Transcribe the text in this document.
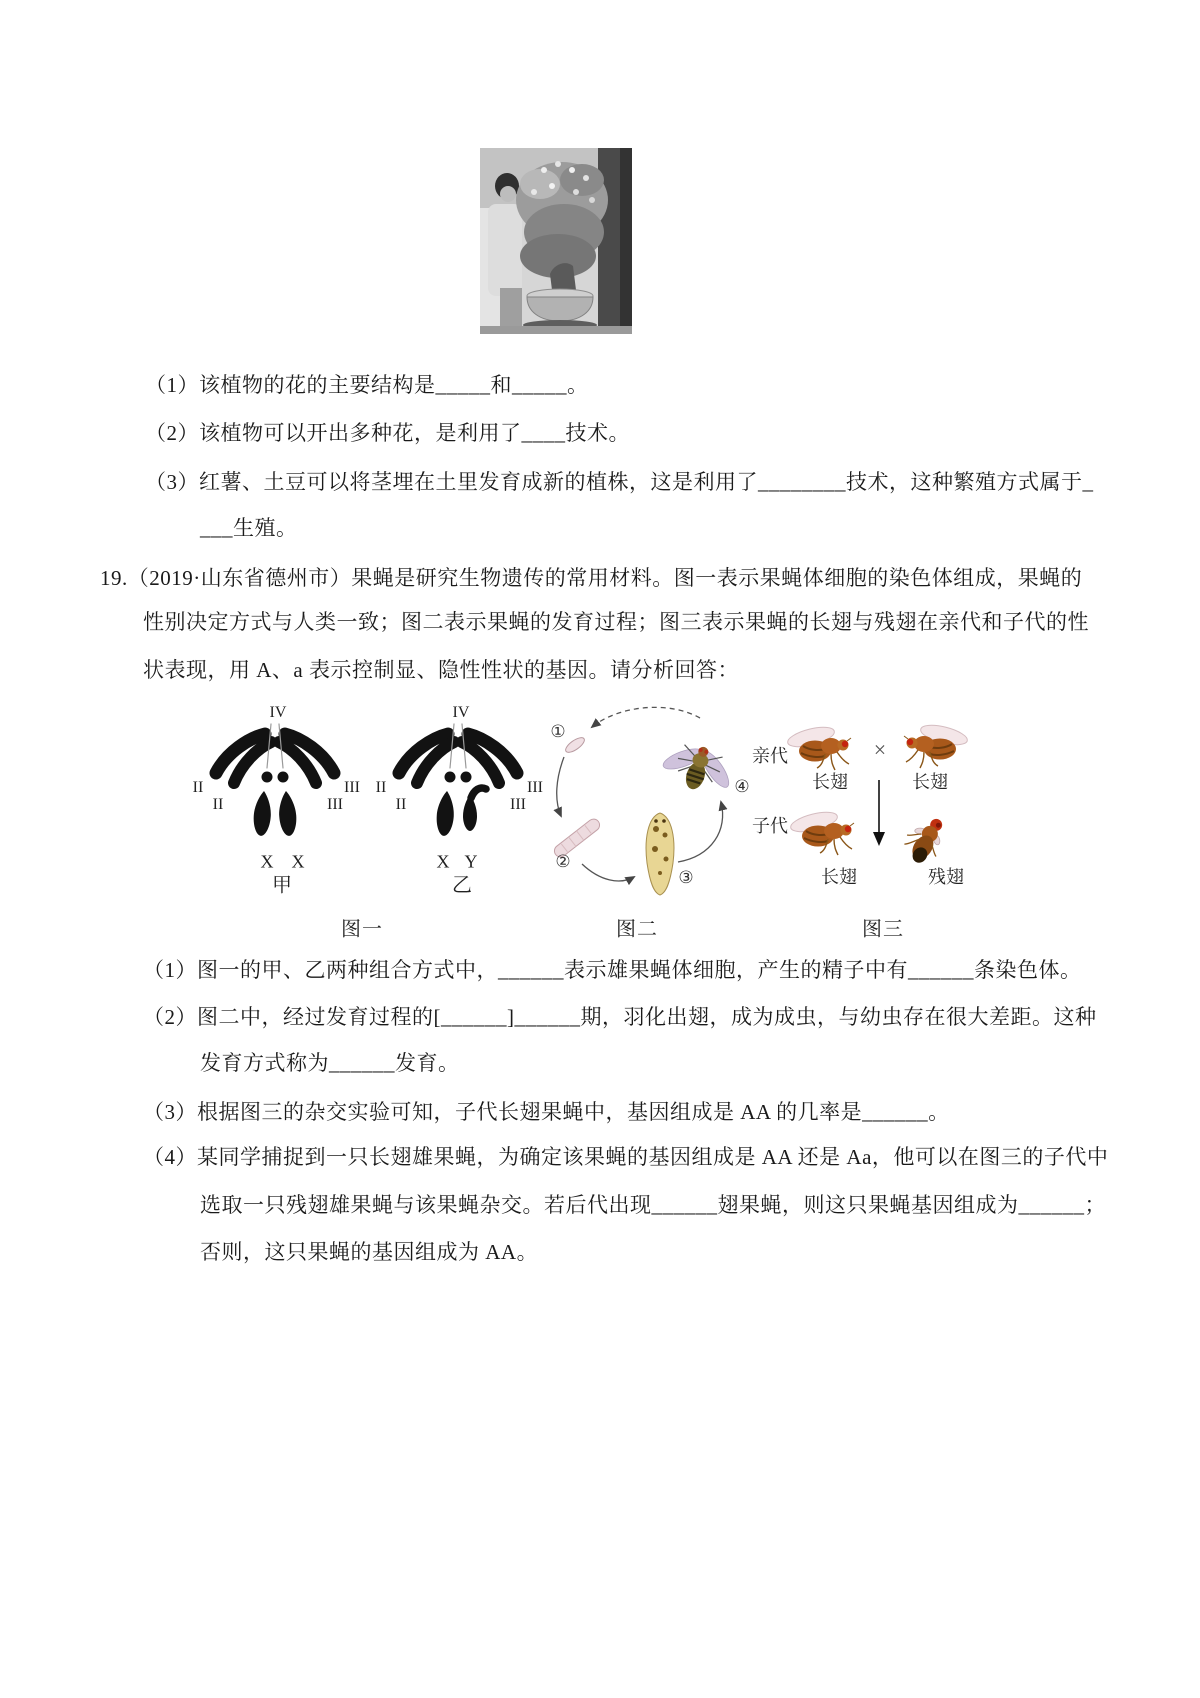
（1）该植物的花的主要结构是_____和_____。
（2）该植物可以开出多种花，是利用了____技术。
（3）红薯、土豆可以将茎埋在土里发育成新的植株，这是利用了________技术，这种繁殖方式属于_
___生殖。
19.（2019·山东省德州市）果蝇是研究生物遗传的常用材料。图一表示果蝇体细胞的染色体组成，果蝇的
性别决定方式与人类一致；图二表示果蝇的发育过程；图三表示果蝇的长翅与残翅在亲代和子代的性
状表现，用 A、a 表示控制显、隐性性状的基因。请分析回答：
IV
II
II
III
III
X X
甲
IV
II
II
III
III
X Y
乙
①
②
③
④
亲代	×
子代
长翅	长翅
长翅	残翅
图一	图二	图三
（1）图一的甲、乙两种组合方式中，______表示雄果蝇体细胞，产生的精子中有______条染色体。
（2）图二中，经过发育过程的[______]______期，羽化出翅，成为成虫，与幼虫存在很大差距。这种
发育方式称为______发育。
（3）根据图三的杂交实验可知，子代长翅果蝇中，基因组成是 AA 的几率是______。
（4）某同学捕捉到一只长翅雄果蝇，为确定该果蝇的基因组成是 AA 还是 Aa，他可以在图三的子代中
选取一只残翅雄果蝇与该果蝇杂交。若后代出现______翅果蝇，则这只果蝇基因组成为______；
否则，这只果蝇的基因组成为 AA。
